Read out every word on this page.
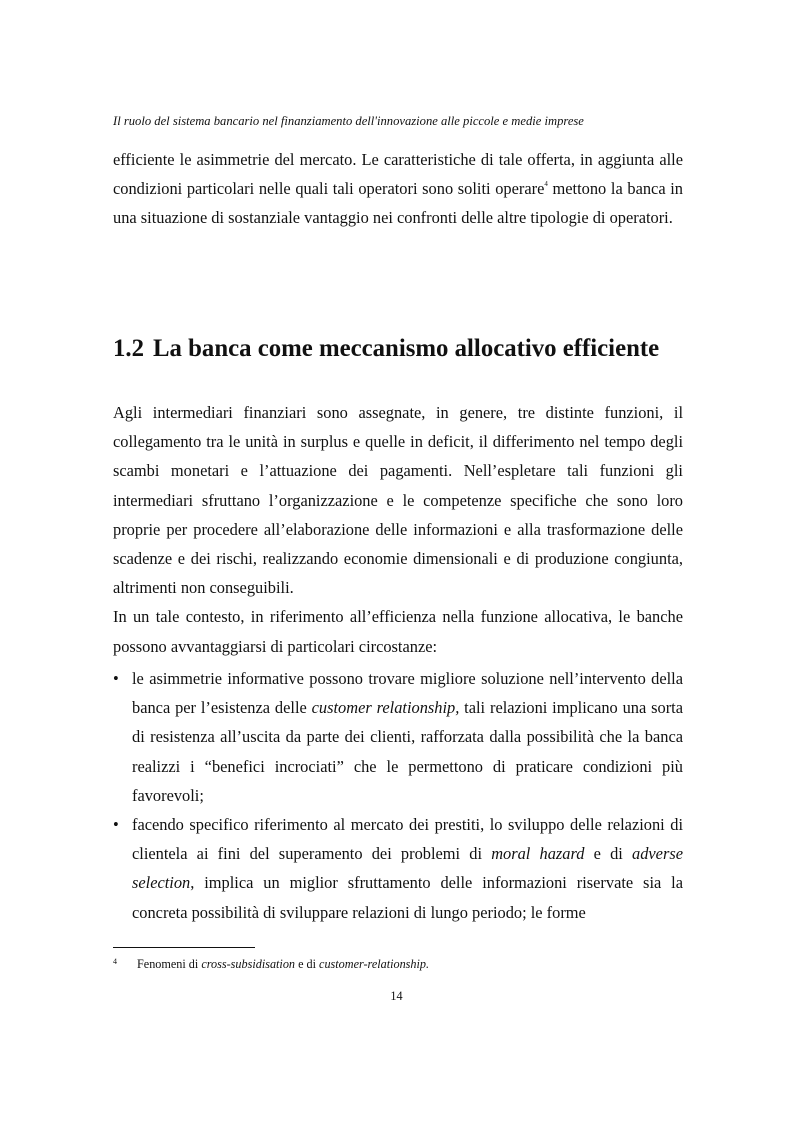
Il ruolo del sistema bancario nel finanziamento dell'innovazione alle piccole e medie imprese

efficiente le asimmetrie del mercato. Le caratteristiche di tale offerta, in aggiunta alle condizioni particolari nelle quali tali operatori sono soliti operare$^4$ mettono la banca in una situazione di sostanziale vantaggio nei confronti delle altre tipologie di operatori.

1.2 La banca come meccanismo allocativo efficiente

Agli intermediari finanziari sono assegnate, in genere, tre distinte funzioni, il collegamento tra le unità in surplus e quelle in deficit, il differimento nel tempo degli scambi monetari e l’attuazione dei pagamenti. Nell’espletare tali funzioni gli intermediari sfruttano l’organizzazione e le competenze specifiche che sono loro proprie per procedere all’elaborazione delle informazioni e alla trasformazione delle scadenze e dei rischi, realizzando economie dimensionali e di produzione congiunta, altrimenti non conseguibili.
In un tale contesto, in riferimento all’efficienza nella funzione allocativa, le banche possono avvantaggiarsi di particolari circostanze:

• le asimmetrie informative possono trovare migliore soluzione nell’intervento della banca per l’esistenza delle customer relationship, tali relazioni implicano una sorta di resistenza all’uscita da parte dei clienti, rafforzata dalla possibilità che la banca realizzi i “benefici incrociati” che le permettono di praticare condizioni più favorevoli;
• facendo specifico riferimento al mercato dei prestiti, lo sviluppo delle relazioni di clientela ai fini del superamento dei problemi di moral hazard e di adverse selection, implica un miglior sfruttamento delle informazioni riservate sia la concreta possibilità di sviluppare relazioni di lungo periodo; le forme
4 Fenomeni di cross-subsidisation e di customer-relationship.
14
